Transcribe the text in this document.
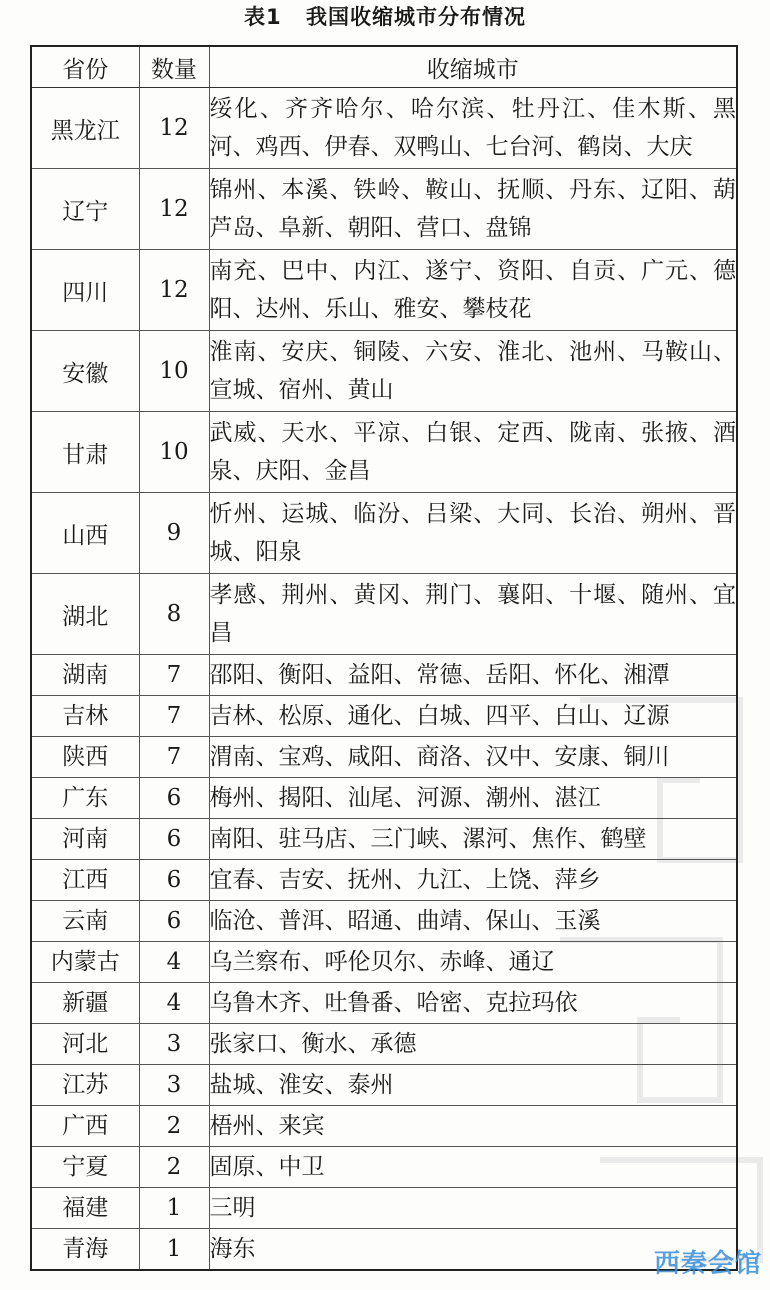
表1 我国收缩城市分布情况
省份	数量	收缩城市
黑龙江	12	绥化、齐齐哈尔、哈尔滨、牡丹江、佳木斯、黑河、鸡西、伊春、双鸭山、七台河、鹤岗、大庆
辽宁	12	锦州、本溪、铁岭、鞍山、抚顺、丹东、辽阳、葫芦岛、阜新、朝阳、营口、盘锦
四川	12	南充、巴中、内江、遂宁、资阳、自贡、广元、德阳、达州、乐山、雅安、攀枝花
安徽	10	淮南、安庆、铜陵、六安、淮北、池州、马鞍山、宣城、宿州、黄山
甘肃	10	武威、天水、平凉、白银、定西、陇南、张掖、酒泉、庆阳、金昌
山西	9	忻州、运城、临汾、吕梁、大同、长治、朔州、晋城、阳泉
湖北	8	孝感、荆州、黄冈、荆门、襄阳、十堰、随州、宜昌
湖南	7	邵阳、衡阳、益阳、常德、岳阳、怀化、湘潭
吉林	7	吉林、松原、通化、白城、四平、白山、辽源
陕西	7	渭南、宝鸡、咸阳、商洛、汉中、安康、铜川
广东	6	梅州、揭阳、汕尾、河源、潮州、湛江
河南	6	南阳、驻马店、三门峡、漯河、焦作、鹤壁
江西	6	宜春、吉安、抚州、九江、上饶、萍乡
云南	6	临沧、普洱、昭通、曲靖、保山、玉溪
内蒙古	4	乌兰察布、呼伦贝尔、赤峰、通辽
新疆	4	乌鲁木齐、吐鲁番、哈密、克拉玛依
河北	3	张家口、衡水、承德
江苏	3	盐城、淮安、泰州
广西	2	梧州、来宾
宁夏	2	固原、中卫
福建	1	三明
青海	1	海东	西秦会馆
